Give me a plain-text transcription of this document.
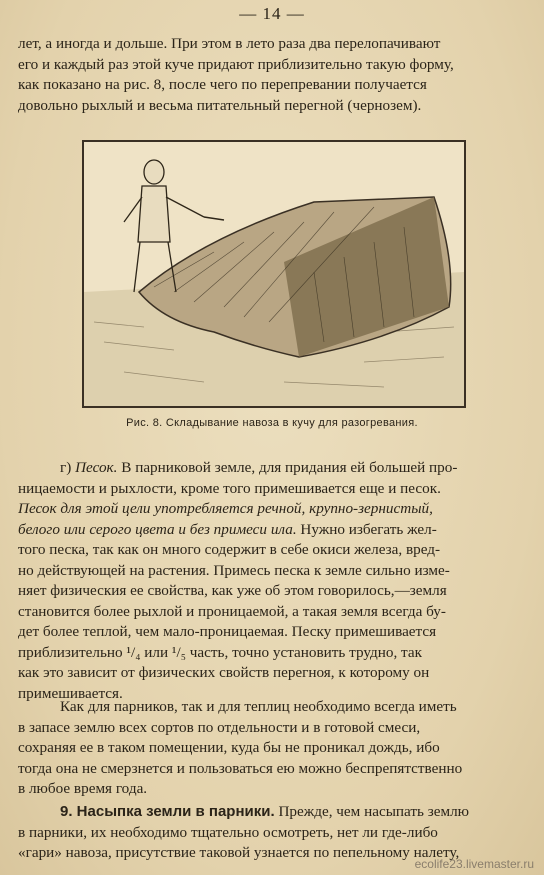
— 14 —
лет, а иногда и дольше. При этом в лето раза два перелопачивают
его и каждый раз этой куче придают приблизительно такую форму,
как показано на рис. 8, после чего по перепревании получается
довольно рыхлый и весьма питательный перегной (чернозем).
Рис. 8. Складывание навоза в кучу для разогревания.
г) Песок. В парниковой земле, для придания ей большей про-
ницаемости и рыхлости, кроме того примешивается еще и песок.
Песок для этой цели употребляется речной, крупно-зернистый,
белого или серого цвета и без примеси ила. Нужно избегать жел-
того песка, так как он много содержит в себе окиси железа, вред-
но действующей на растения. Примесь песка к земле сильно изме-
няет физическия ее свойства, как уже об этом говорилось,—земля
становится более рыхлой и проницаемой, а такая земля всегда бу-
дет более теплой, чем мало-проницаемая. Песку примешивается
приблизительно ¹/₄ или ¹/₅ часть, точно установить трудно, так
как это зависит от физических свойств перегноя, к которому он
примешивается.
Как для парников, так и для теплиц необходимо всегда иметь
в запасе землю всех сортов по отдельности и в готовой смеси,
сохраняя ее в таком помещении, куда бы не проникал дождь, ибо
тогда она не смерзнется и пользоваться ею можно беспрепятственно
в любое время года.
9. Насыпка земли в парники. Прежде, чем насыпать землю
в парники, их необходимо тщательно осмотреть, нет ли где-либо
«гари» навоза, присутствие таковой узнается по пепельному налету,
ecolife23.livemaster.ru
